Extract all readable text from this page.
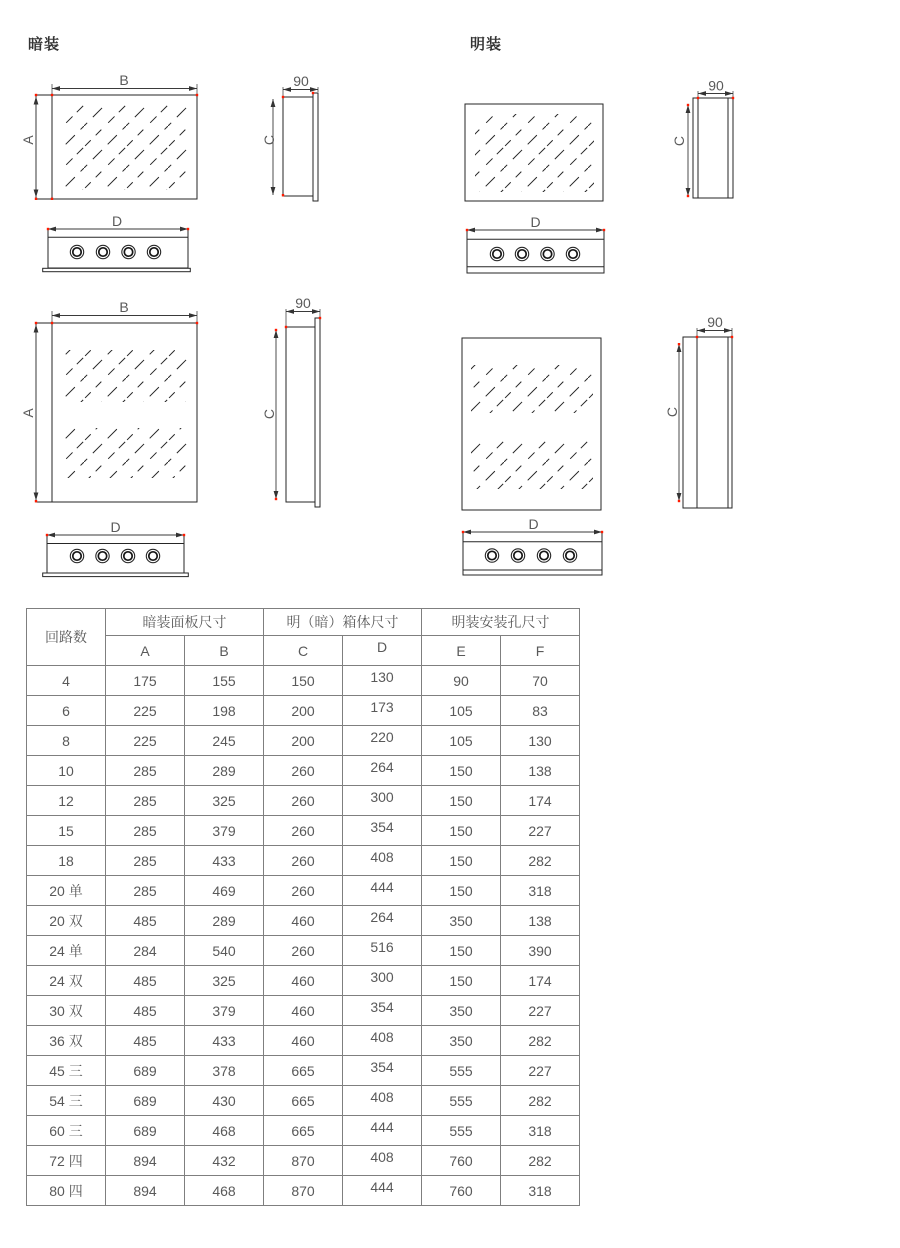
暗装	明装
B
A
90
C
D
90
C
D
B
A
90
C
D
90
C
D
回路数	暗装面板尺寸		明（暗）箱体尺寸		明装安装孔尺寸	
	A	B	C	D	E	F
4	175	155	150	130	90	70
6	225	198	200	173	105	83
8	225	245	200	220	105	130
10	285	289	260	264	150	138
12	285	325	260	300	150	174
15	285	379	260	354	150	227
18	285	433	260	408	150	282
20 单	285	469	260	444	150	318
20 双	485	289	460	264	350	138
24 单	284	540	260	516	150	390
24 双	485	325	460	300	150	174
30 双	485	379	460	354	350	227
36 双	485	433	460	408	350	282
45 三	689	378	665	354	555	227
54 三	689	430	665	408	555	282
60 三	689	468	665	444	555	318
72 四	894	432	870	408	760	282
80 四	894	468	870	444	760	318
